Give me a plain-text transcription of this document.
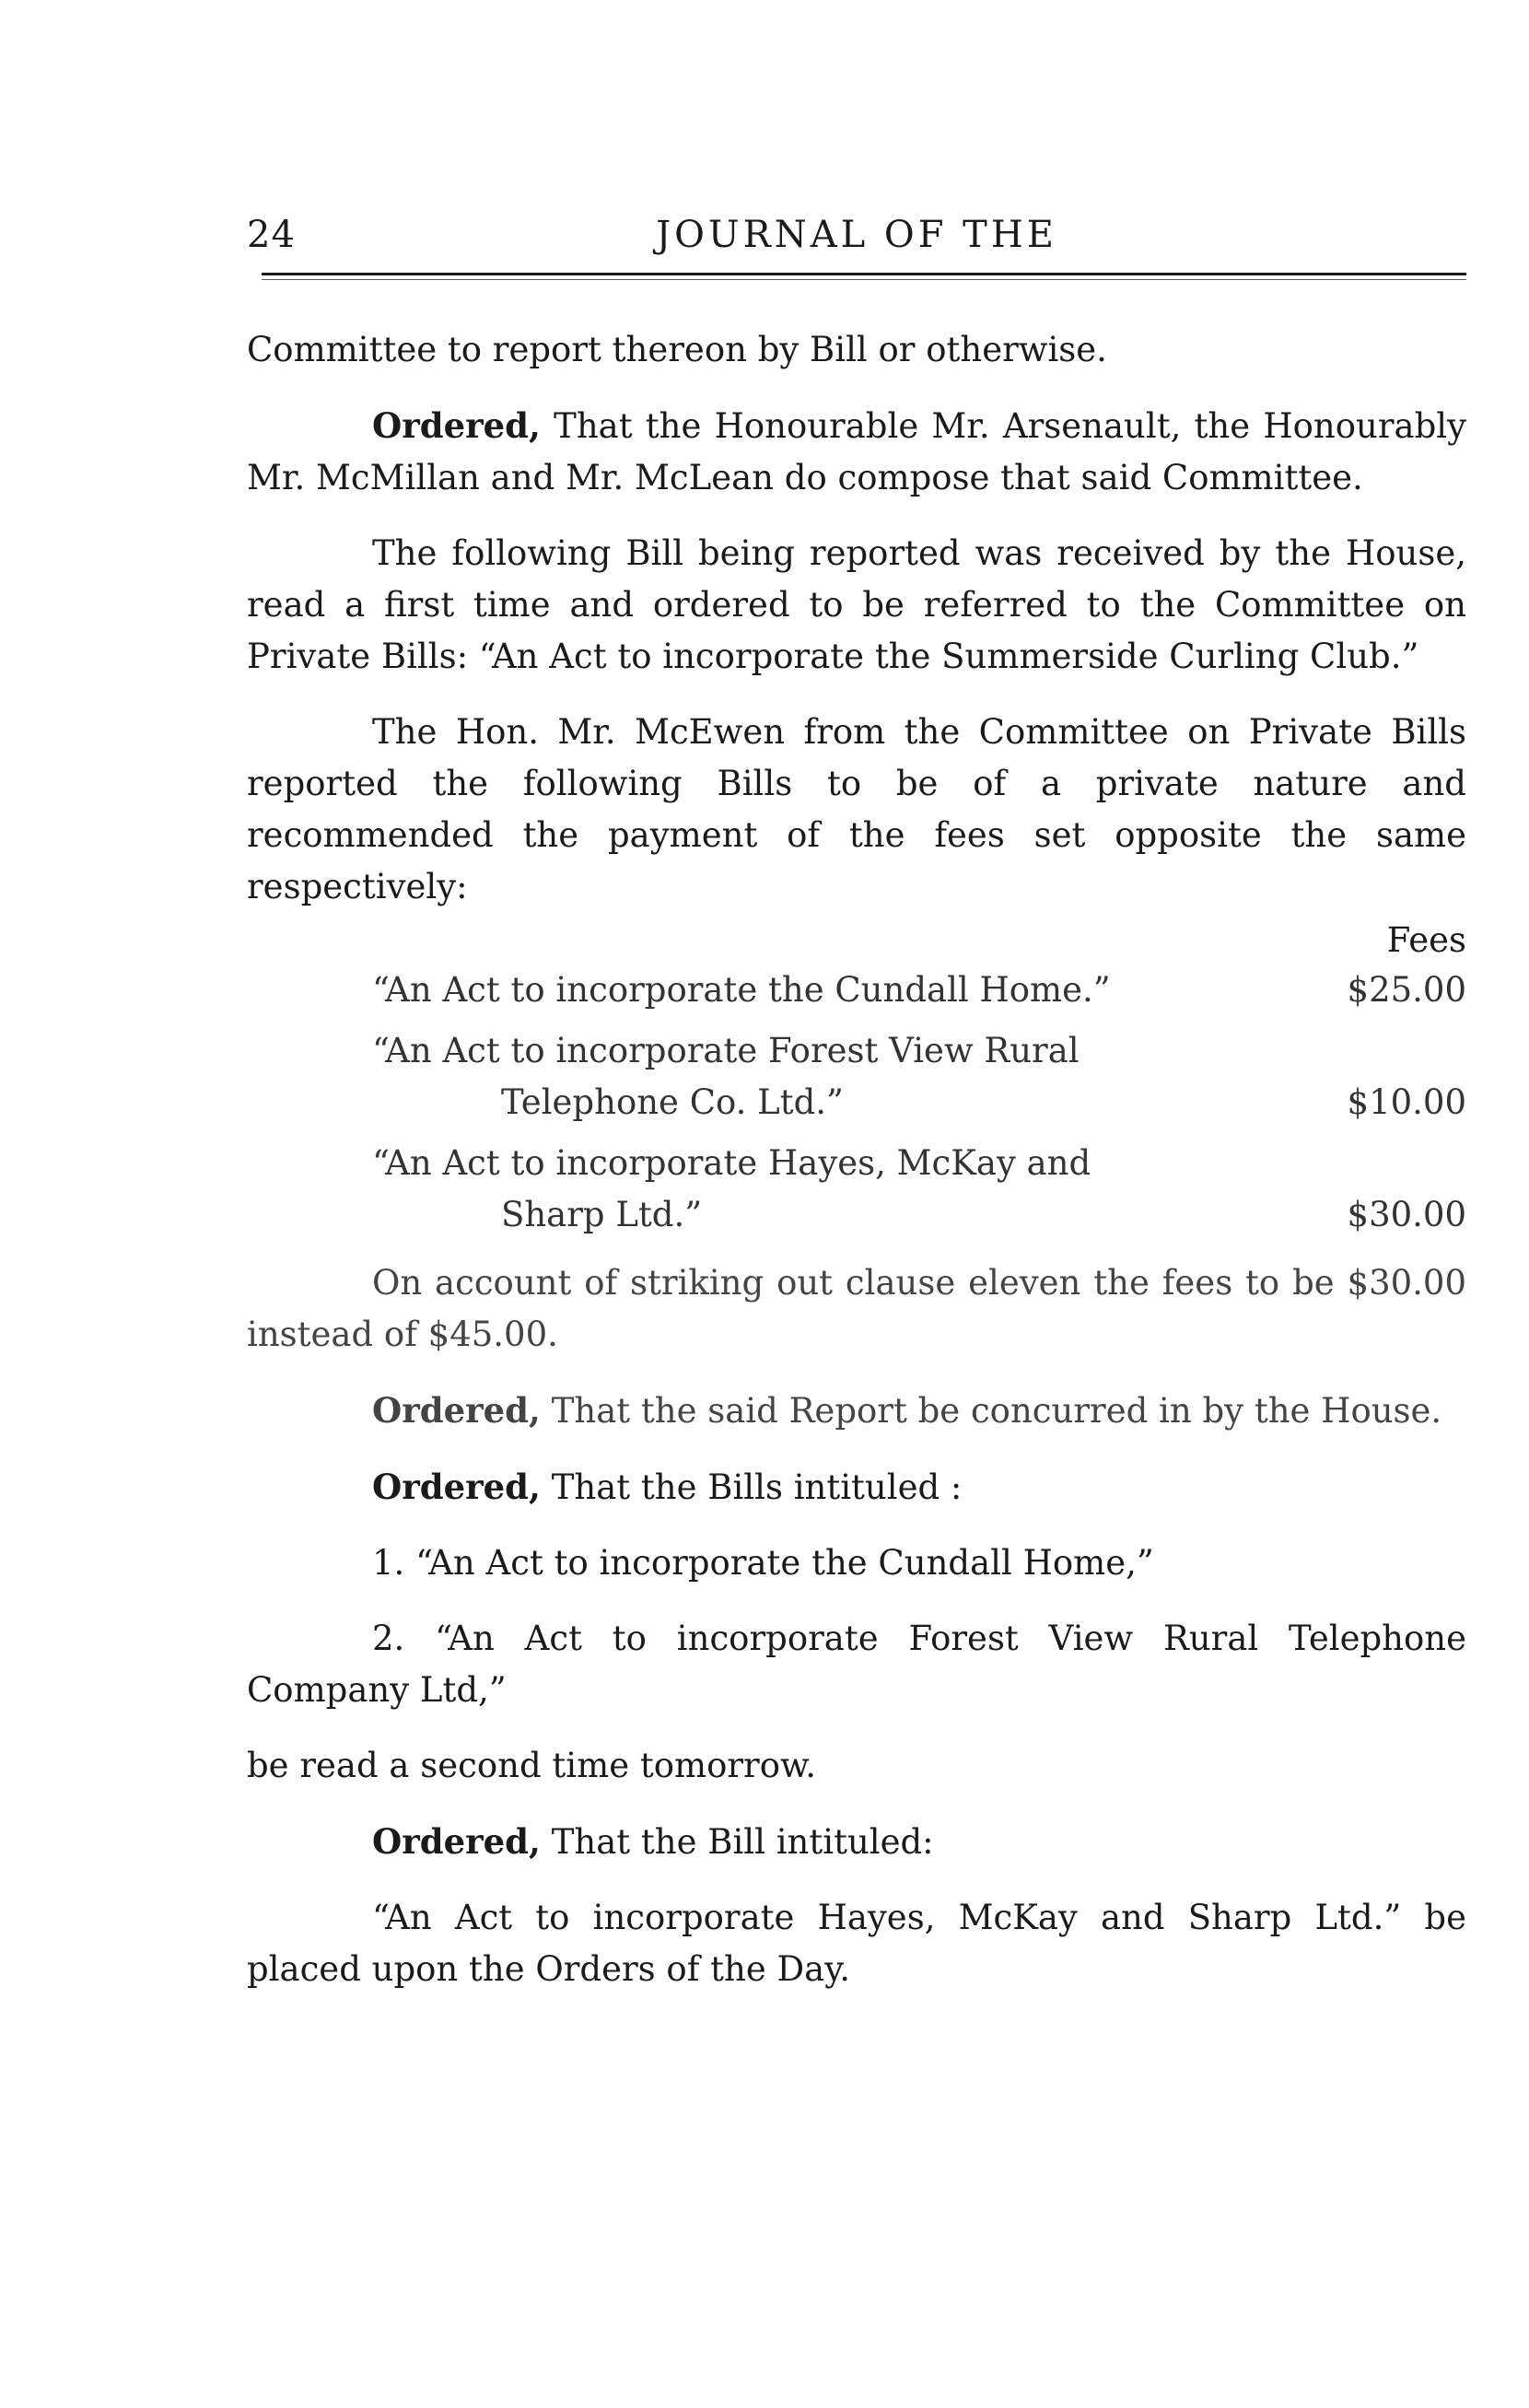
24	JOURNAL OF THE

Committee to report thereon by Bill or otherwise.

Ordered, That the Honourable Mr. Arsenault, the Honourably Mr. McMillan and Mr. McLean do compose that said Committee.

The following Bill being reported was received by the House, read a first time and ordered to be referred to the Committee on Private Bills: “An Act to incorporate the Summerside Curling Club.”

The Hon. Mr. McEwen from the Committee on Private Bills reported the following Bills to be of a private nature and recommended the payment of the fees set opposite the same respectively:

Fees

“An Act to incorporate the Cundall Home.”	$25.00
“An Act to incorporate Forest View Rural
Telephone Co. Ltd.”	$10.00
“An Act to incorporate Hayes, McKay and
Sharp Ltd.”	$30.00

On account of striking out clause eleven the fees to be $30.00 instead of $45.00.

Ordered, That the said Report be concurred in by the House.

Ordered, That the Bills intituled :

1. “An Act to incorporate the Cundall Home,”

2. “An Act to incorporate Forest View Rural Telephone Company Ltd,”

be read a second time tomorrow.

Ordered, That the Bill intituled:

“An Act to incorporate Hayes, McKay and Sharp Ltd.” be placed upon the Orders of the Day.
